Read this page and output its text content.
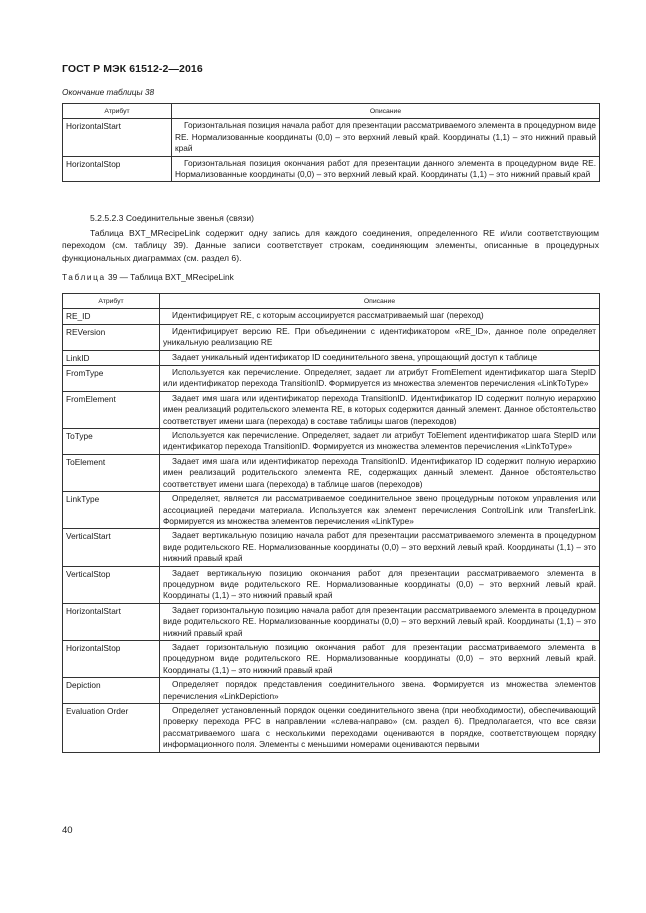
ГОСТ Р МЭК 61512-2—2016
Окончание таблицы 38
Атрибут	Описание
HorizontalStart	Горизонтальная позиция начала работ для презентации рассматриваемого элемента в процедурном виде RE. Нормализованные координаты (0,0) – это верхний левый край. Координаты (1,1) – это нижний правый край

HorizontalStop	Горизонтальная позиция окончания работ для презентации данного элемента в процедурном виде RE. Нормализованные координаты (0,0) – это верхний левый край. Координаты (1,1) – это нижний правый край
5.2.5.2.3 Соединительные звенья (связи)
Таблица BXT_MRecipeLink содержит одну запись для каждого соединения, определенного RE и/или соответствующим переходом (см. таблицу 39). Данные записи соответствует строкам, соединяющим элементы, описанные в процедурных функциональных диаграммах (см. раздел 6).
Таблица 39 — Таблица BXT_MRecipeLink
Атрибут	Описание
RE_ID	Идентифицирует RE, с которым ассоциируется рассматриваемый шаг (переход)

REVersion	Идентифицирует версию RE. При объединении с идентификатором «RE_ID», данное поле определяет уникальную реализацию RE

LinkID	Задает уникальный идентификатор ID соединительного звена, упрощающий доступ к таблице

FromType	Используется как перечисление. Определяет, задает ли атрибут FromElement идентификатор шага StepID или идентификатор перехода TransitionID. Формируется из множества элементов перечисления «LinkToType»

FromElement	Задает имя шага или идентификатор перехода TransitionID. Идентификатор ID содержит полную иерархию имен реализаций родительского элемента RE, в которых содержится данный элемент. Данное обстоятельство соответствует имени шага (перехода) в составе таблицы шагов (переходов)

ToType	Используется как перечисление. Определяет, задает ли атрибут ToElement идентификатор шага StepID или идентификатор перехода TransitionID. Формируется из множества элементов перечисления «LinkToType»

ToElement	Задает имя шага или идентификатор перехода TransitionID. Идентификатор ID содержит полную иерархию имен реализаций родительского элемента RE, содержащих данный элемент. Данное обстоятельство соответствует имени шага (перехода) в таблице шагов (переходов)

LinkType	Определяет, является ли рассматриваемое соединительное звено процедурным потоком управления или ассоциацией передачи материала. Используется как элемент перечисления ControlLink или TransferLink. Формируется из множества элементов перечисления «LinkType»

VerticalStart	Задает вертикальную позицию начала работ для презентации рассматриваемого элемента в процедурном виде родительского RE. Нормализованные координаты (0,0) – это верхний левый край. Координаты (1,1) – это нижний правый край

VerticalStop	Задает вертикальную позицию окончания работ для презентации рассматриваемого элемента в процедурном виде родительского RE. Нормализованные координаты (0,0) – это верхний левый край. Координаты (1,1) – это нижний правый край

HorizontalStart	Задает горизонтальную позицию начала работ для презентации рассматриваемого элемента в процедурном виде родительского RE. Нормализованные координаты (0,0) – это верхний левый край. Координаты (1,1) – это нижний правый край

HorizontalStop	Задает горизонтальную позицию окончания работ для презентации рассматриваемого элемента в процедурном виде родительского RE. Нормализованные координаты (0,0) – это верхний левый край. Координаты (1,1) – это нижний правый край

Depiction	Определяет порядок представления соединительного звена. Формируется из множества элементов перечисления «LinkDepiction»

Evaluation Order	Определяет установленный порядок оценки соединительного звена (при необходимости), обеспечивающий проверку перехода PFC в направлении «слева-направо» (см. раздел 6). Предполагается, что все связи рассматриваемого шага с несколькими переходами оцениваются в порядке, соответствующем порядку информационного поля. Элементы с меньшими номерами оцениваются первыми
40
